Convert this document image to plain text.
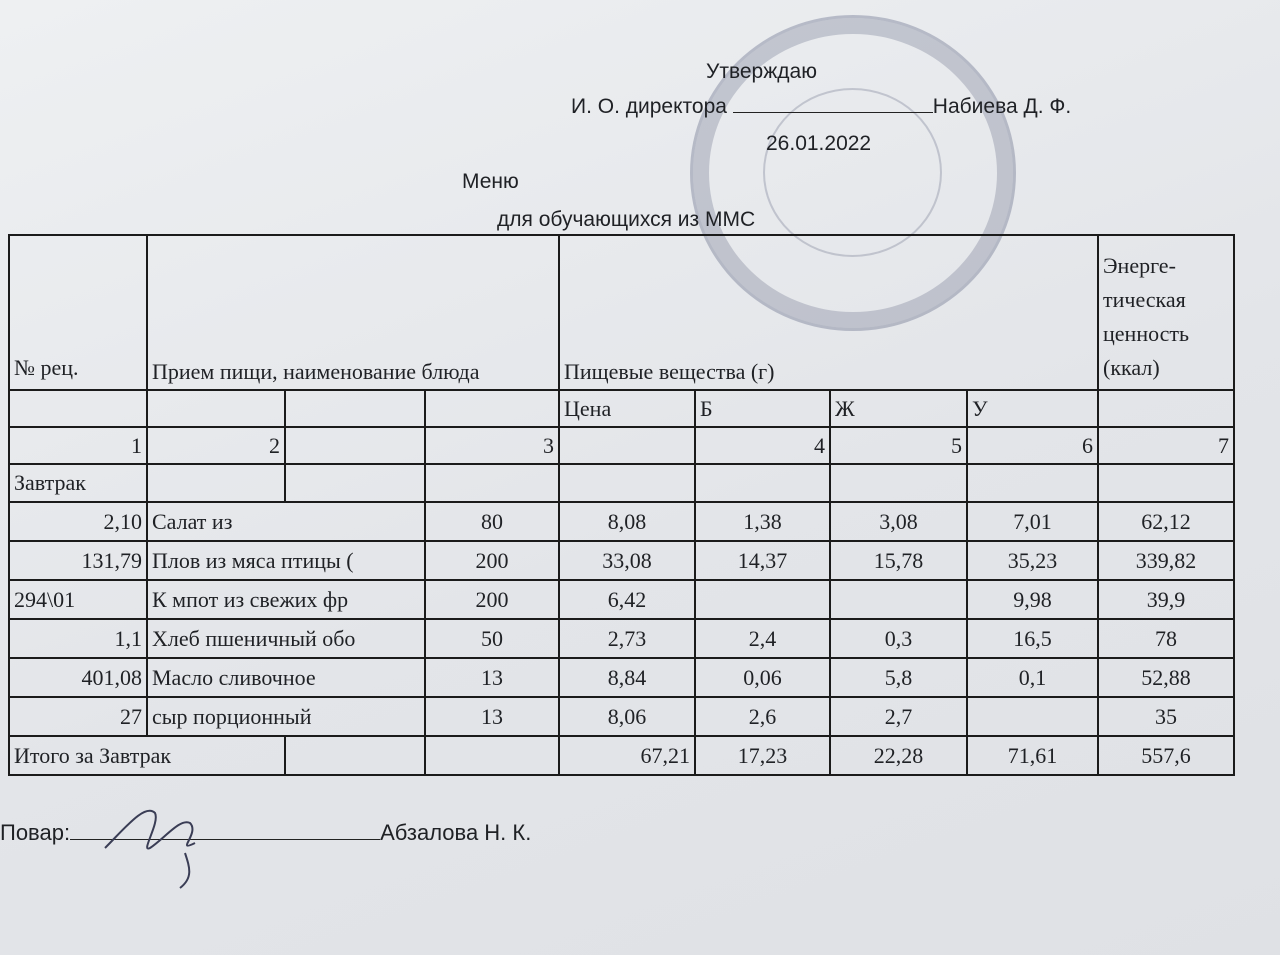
Утверждаю
И. О. директора	Набиева Д. Ф.
26.01.2022
Меню
для обучающихся из ММС
№ рец.	Прием пищи, наименование блюда			Пищевые вещества (г)				Энерге- тическая ценность (ккал)
				Цена	Б	Ж	У	
1	2		3		4	5	6	7
Завтрак								
2,10	Салат из		80	8,08	1,38	3,08	7,01	62,12
131,79	Плов из мяса птицы (		200	33,08	14,37	15,78	35,23	339,82
294\01	К мпот из свежих фр		200	6,42			9,98	39,9
1,1	Хлеб пшеничный обо		50	2,73	2,4	0,3	16,5	78
401,08	Масло сливочное		13	8,84	0,06	5,8	0,1	52,88
27	сыр порционный		13	8,06	2,6	2,7		35
Итого за Завтрак				67,21	17,23	22,28	71,61	557,6
Повар:	Абзалова Н. К.
